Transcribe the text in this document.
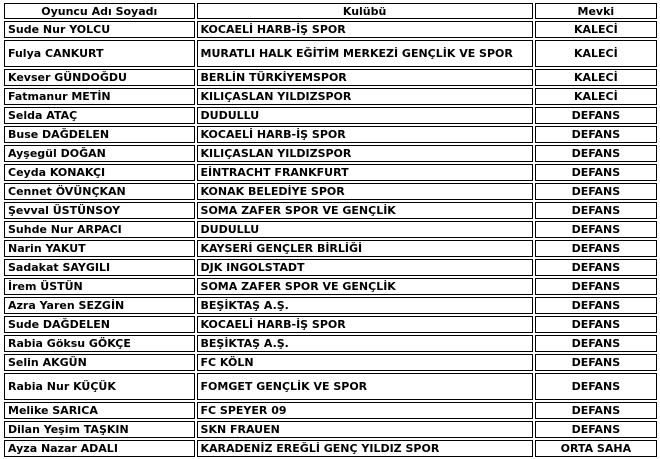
Oyuncu Adı Soyadı	Kulübü	Mevki
Sude Nur YOLCU	KOCAELİ HARB-İŞ SPOR	KALECİ
Fulya CANKURT	MURATLI HALK EĞİTİM MERKEZİ GENÇLİK VE SPOR	KALECİ
Kevser GÜNDOĞDU	BERLİN TÜRKİYEMSPOR	KALECİ
Fatmanur METİN	KILIÇASLAN YILDIZSPOR	KALECİ
Selda ATAÇ	DUDULLU	DEFANS
Buse DAĞDELEN	KOCAELİ HARB-İŞ SPOR	DEFANS
Ayşegül DOĞAN	KILIÇASLAN YILDIZSPOR	DEFANS
Ceyda KONAKÇI	EİNTRACHT FRANKFURT	DEFANS
Cennet ÖVÜNÇKAN	KONAK BELEDİYE SPOR	DEFANS
Şevval ÜSTÜNSOY	SOMA ZAFER SPOR VE GENÇLİK	DEFANS
Suhde Nur ARPACI	DUDULLU	DEFANS
Narin YAKUT	KAYSERİ GENÇLER BİRLİĞİ	DEFANS
Sadakat SAYGILI	DJK INGOLSTADT	DEFANS
İrem ÜSTÜN	SOMA ZAFER SPOR VE GENÇLİK	DEFANS
Azra Yaren SEZGİN	BEŞİKTAŞ A.Ş.	DEFANS
Sude DAĞDELEN	KOCAELİ HARB-İŞ SPOR	DEFANS
Rabia Göksu GÖKÇE	BEŞİKTAŞ A.Ş.	DEFANS
Selin AKGÜN	FC KÖLN	DEFANS
Rabia Nur KÜÇÜK	FOMGET GENÇLİK VE SPOR	DEFANS
Melike SARICA	FC SPEYER 09	DEFANS
Dilan Yeşim TAŞKIN	SKN FRAUEN	DEFANS
Ayza Nazar ADALI	KARADENİZ EREĞLİ GENÇ YILDIZ SPOR	ORTA SAHA
